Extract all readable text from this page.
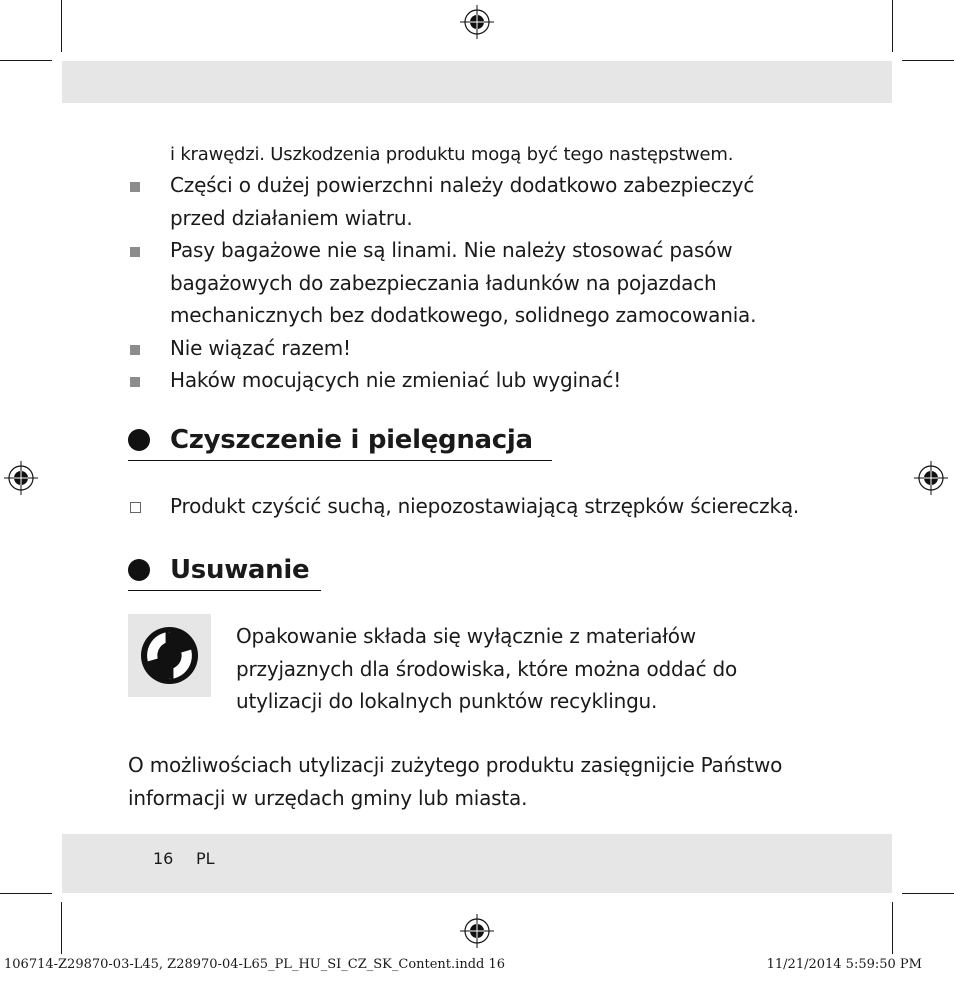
i krawędzi. Uszkodzenia produktu mogą być tego następstwem.
Części o dużej powierzchni należy dodatkowo zabezpieczyć
przed działaniem wiatru.
Pasy bagażowe nie są linami. Nie należy stosować pasów
bagażowych do zabezpieczania ładunków na pojazdach
mechanicznych bez dodatkowego, solidnego zamocowania.
Nie wiązać razem!
Haków mocujących nie zmieniać lub wyginać!
Czyszczenie i pielęgnacja
Produkt czyścić suchą, niepozostawiającą strzępków ściereczką.
Usuwanie
Opakowanie składa się wyłącznie z materiałów
przyjaznych dla środowiska, które można oddać do
utylizacji do lokalnych punktów recyklingu.
O możliwościach utylizacji zużytego produktu zasięgnijcie Państwo
informacji w urzędach gminy lub miasta.
16 PL
106714-Z29870-03-L45, Z28970-04-L65_PL_HU_SI_CZ_SK_Content.indd 16	11/21/2014 5:59:50 PM
